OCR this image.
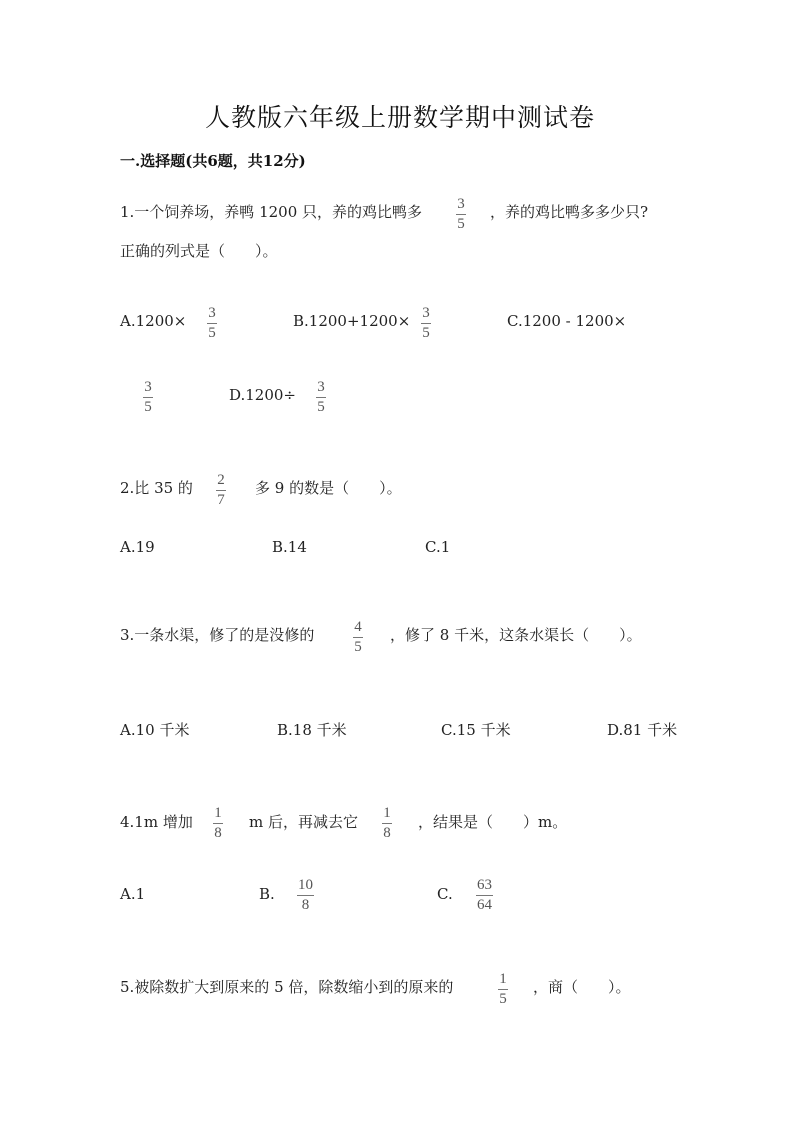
人教版六年级上册数学期中测试卷
一.选择题(共6题，共12分)
1.一个饲养场，养鸭 1200 只，养的鸡比鸭多 3
5
，养的鸡比鸭多多少只?
正确的列式是（　　）。
A.1200× 3
5
B.1200+1200× 3
5
C.1200 - 1200×
3
5
D.1200÷ 3
5
2.比 35 的 2
7
多 9 的数是（　　）。
A.19	B.14	C.1
3.一条水渠，修了的是没修的	4
5
，修了 8 千米，这条水渠长（　　）。
A.10 千米	B.18 千米	C.15 千米	D.81 千米
4.1m 增加 1
8
m 后，再减去它 1
8
，结果是（　　）m。
A.1	B. 10
8
C. 63
64
5.被除数扩大到原来的 5 倍，除数缩小到的原来的	1
5
，商（　　）。
